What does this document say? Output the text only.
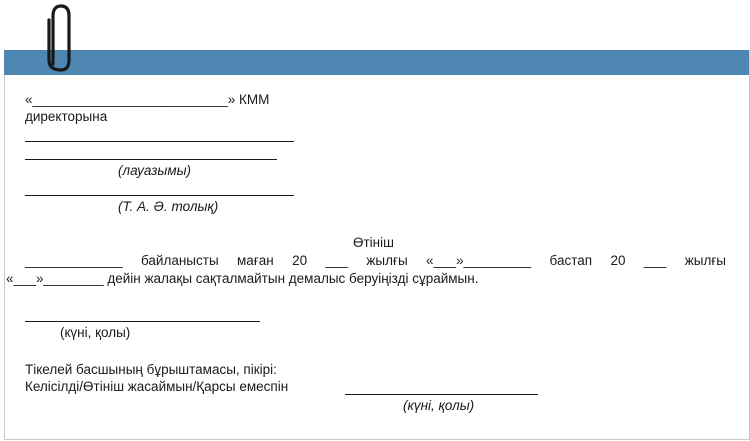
«__________________________» КММ
директорына
(лауазымы)
(Т. А. Ә. толық)
Өтініш
_____________ байланысты маған 20 ___ жылғы «___»_________ бастап 20 ___ жылғы
«___»________ дейін жалақы сақталмайтын демалыс беруіңізді сұраймын.
(күні, қолы)
Тікелей басшының бұрыштамасы, пікірі:
Келісілді/Өтініш жасаймын/Қарсы емеспін
(күні, қолы)
